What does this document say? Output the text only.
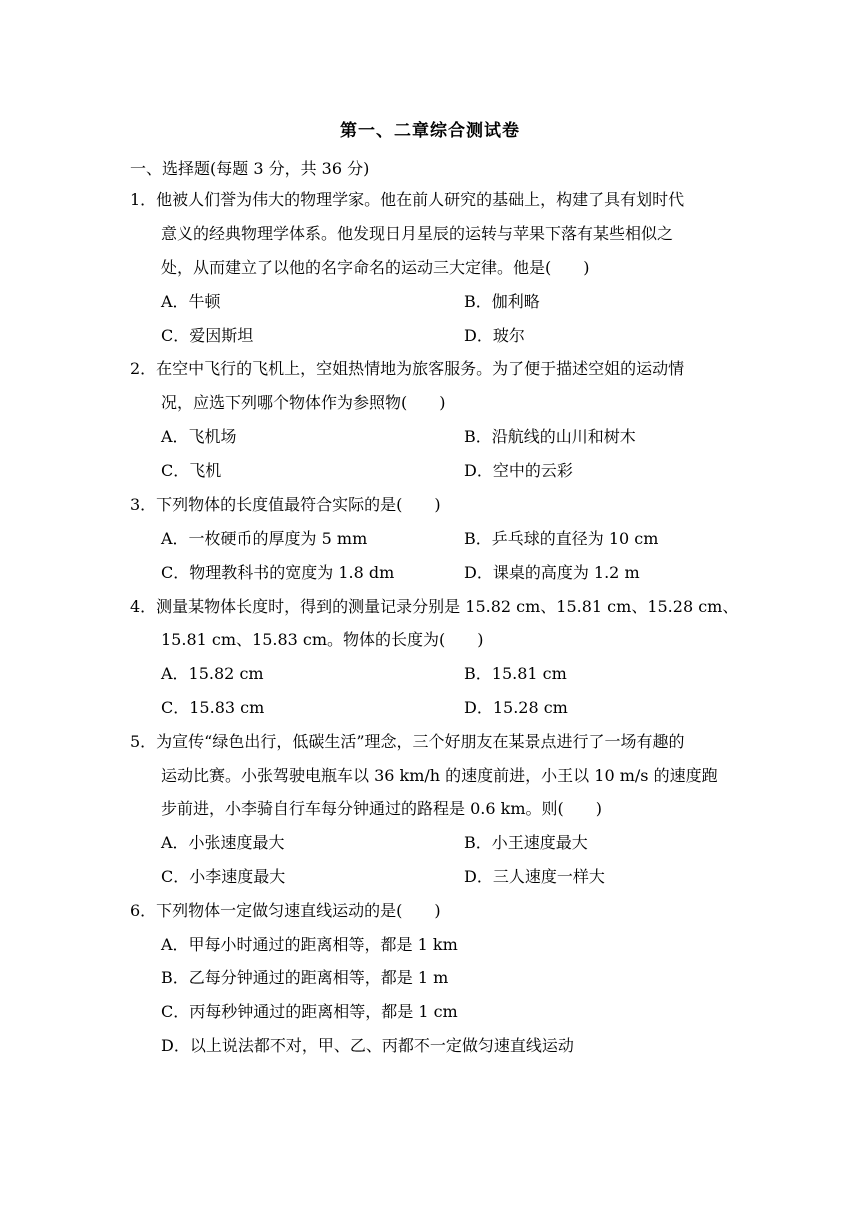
第一、二章综合测试卷
一、选择题(每题 3 分，共 36 分)
1．他被人们誉为伟大的物理学家。他在前人研究的基础上，构建了具有划时代
意义的经典物理学体系。他发现日月星辰的运转与苹果下落有某些相似之
处，从而建立了以他的名字命名的运动三大定律。他是(　　)
A．牛顿	B．伽利略
C．爱因斯坦	D．玻尔
2．在空中飞行的飞机上，空姐热情地为旅客服务。为了便于描述空姐的运动情
况，应选下列哪个物体作为参照物(　　)
A．飞机场	B．沿航线的山川和树木
C．飞机	D．空中的云彩
3．下列物体的长度值最符合实际的是(　　)
A．一枚硬币的厚度为 5 mm	B．乒乓球的直径为 10 cm
C．物理教科书的宽度为 1.8 dm	D．课桌的高度为 1.2 m
4．测量某物体长度时，得到的测量记录分别是 15.82 cm、15.81 cm、15.28 cm、
15.81 cm、15.83 cm。物体的长度为(　　)
A．15.82 cm	B．15.81 cm
C．15.83 cm	D．15.28 cm
5．为宣传“绿色出行，低碳生活”理念，三个好朋友在某景点进行了一场有趣的
运动比赛。小张驾驶电瓶车以 36 km/h 的速度前进，小王以 10 m/s 的速度跑
步前进，小李骑自行车每分钟通过的路程是 0.6 km。则(　　)
A．小张速度最大	B．小王速度最大
C．小李速度最大	D．三人速度一样大
6．下列物体一定做匀速直线运动的是(　　)
A．甲每小时通过的距离相等，都是 1 km
B．乙每分钟通过的距离相等，都是 1 m
C．丙每秒钟通过的距离相等，都是 1 cm
D．以上说法都不对，甲、乙、丙都不一定做匀速直线运动
